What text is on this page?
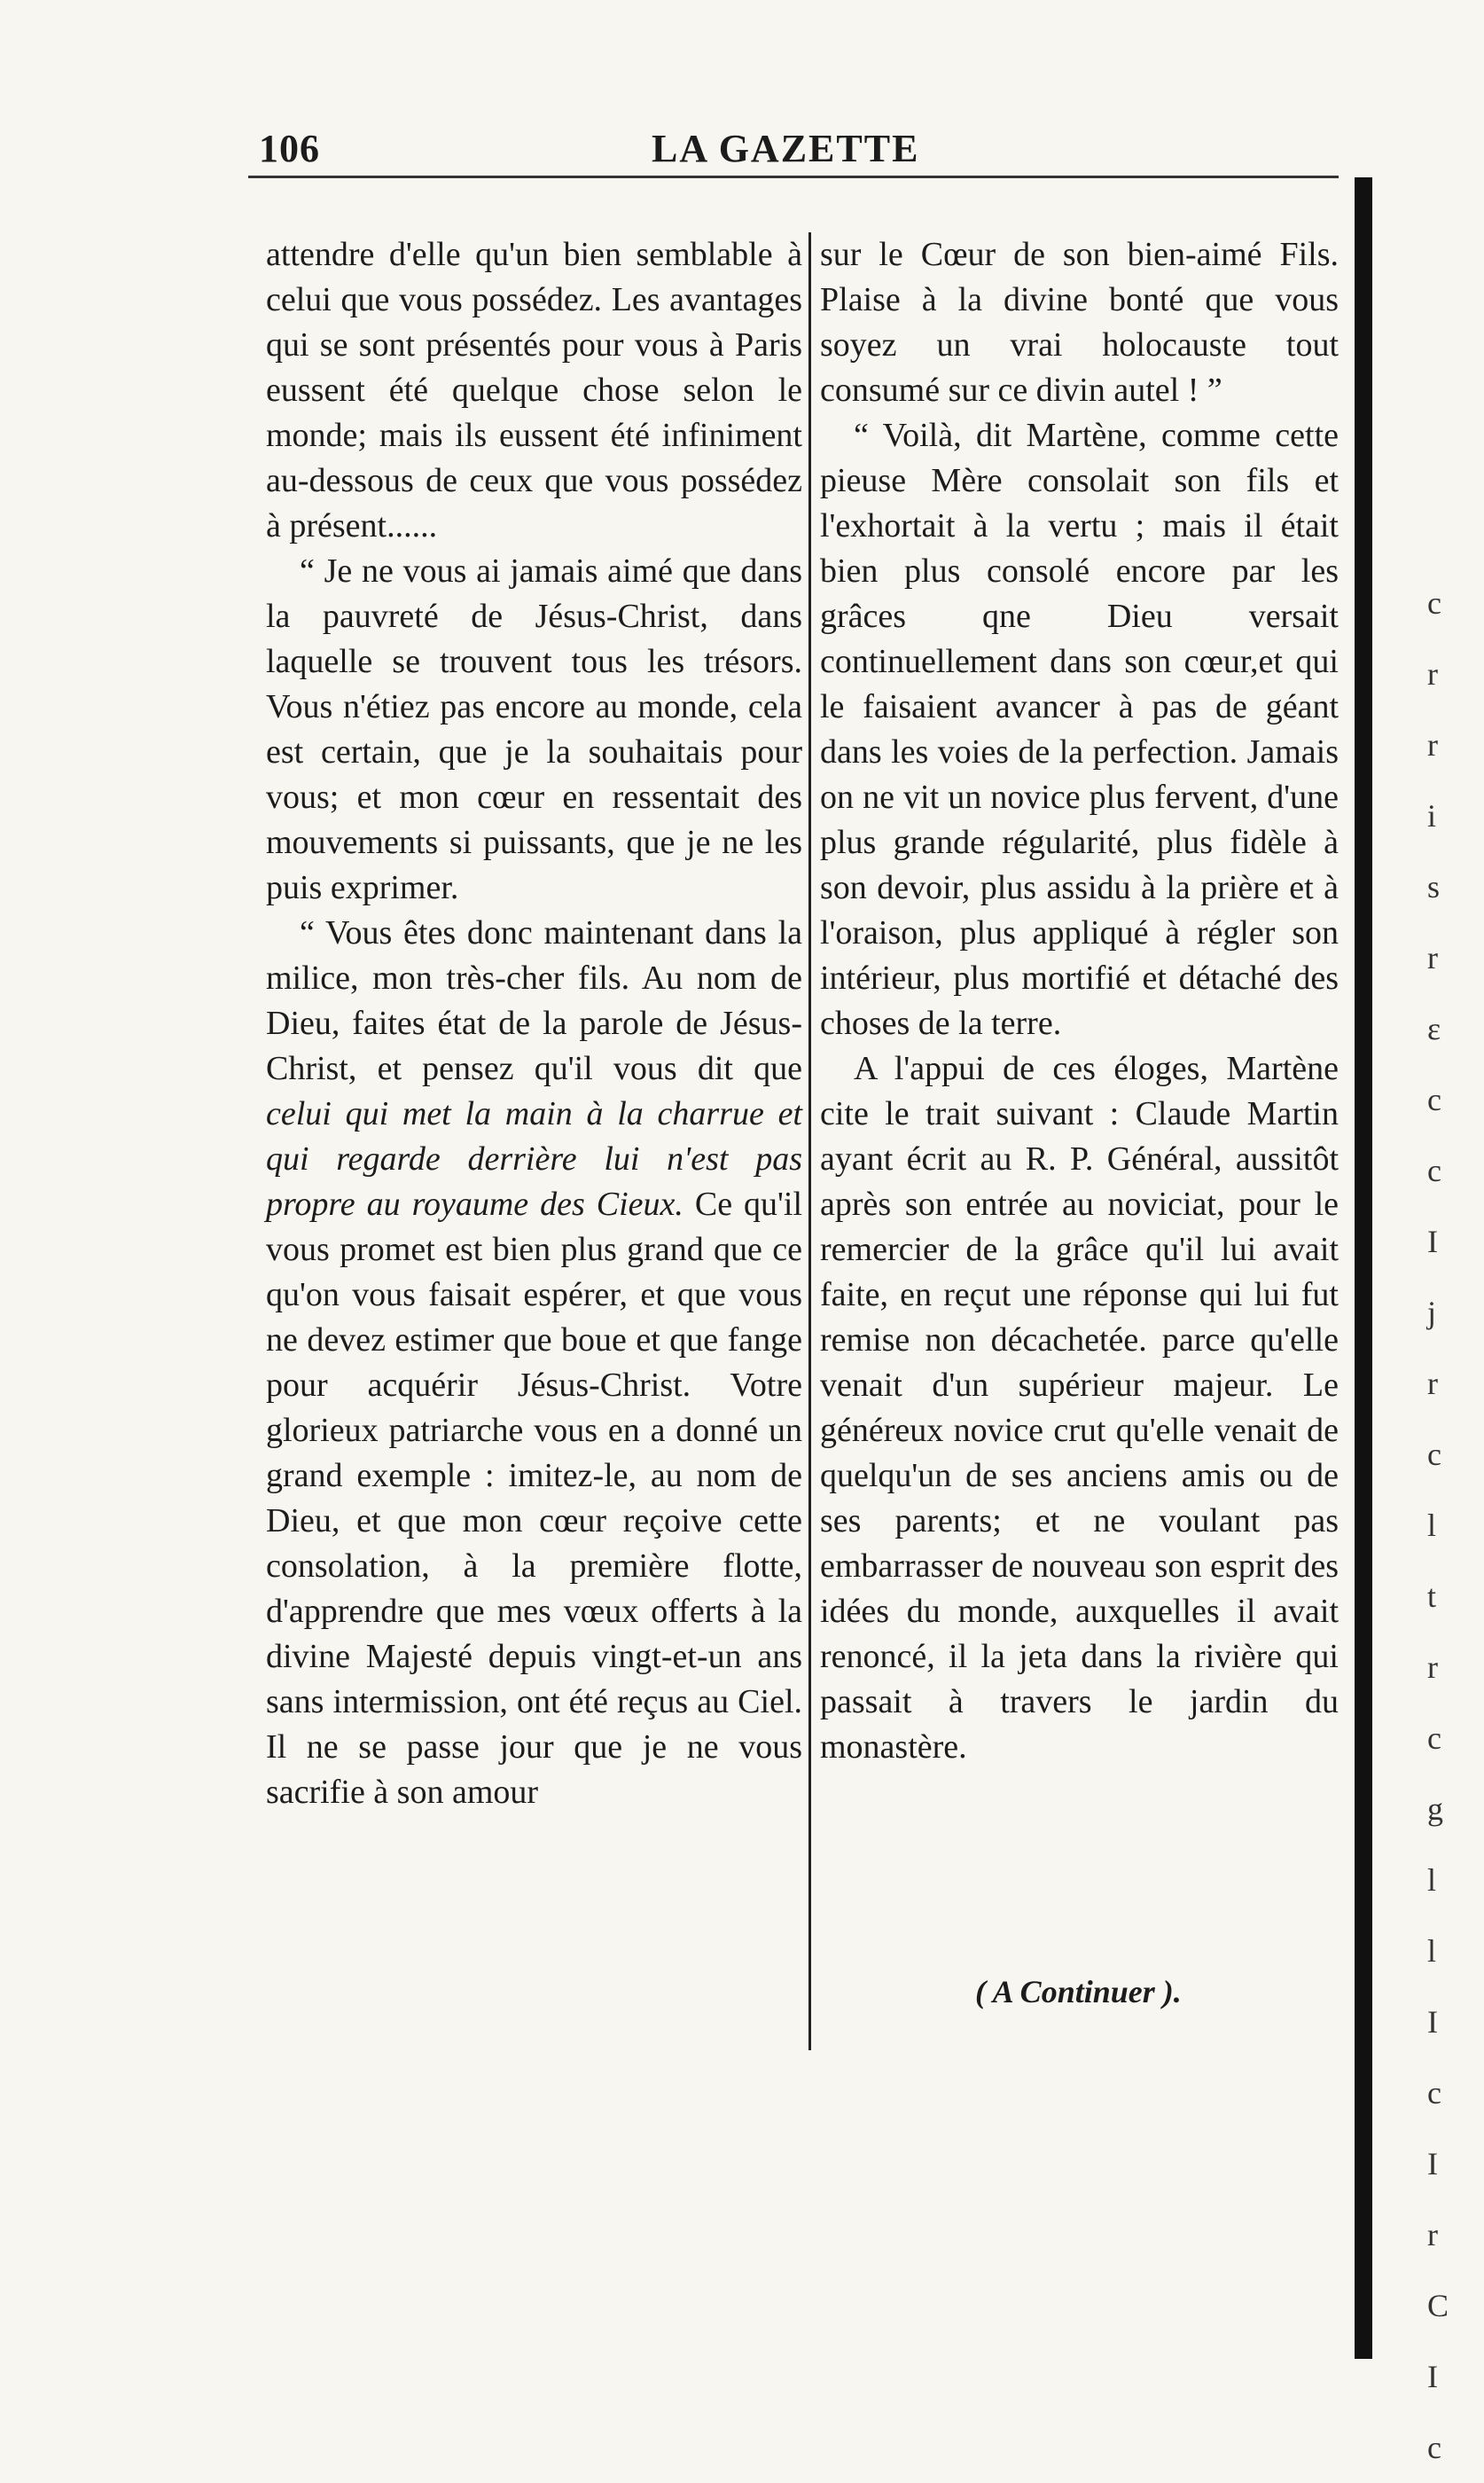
106	LA GAZETTE

attendre d'elle qu'un bien semblable à celui que vous possédez. Les avantages qui se sont présentés pour vous à Paris eussent été quelque chose selon le monde; mais ils eussent été infiniment au-dessous de ceux que vous possédez à présent......

“ Je ne vous ai jamais aimé que dans la pauvreté de Jésus-Christ, dans laquelle se trouvent tous les trésors. Vous n'étiez pas encore au monde, cela est certain, que je la souhaitais pour vous; et mon cœur en ressentait des mouvements si puissants, que je ne les puis exprimer.

“ Vous êtes donc maintenant dans la milice, mon très-cher fils. Au nom de Dieu, faites état de la parole de Jésus-Christ, et pensez qu'il vous dit que celui qui met la main à la charrue et qui regarde derrière lui n'est pas propre au royaume des Cieux. Ce qu'il vous promet est bien plus grand que ce qu'on vous faisait espérer, et que vous ne devez estimer que boue et que fange pour acquérir Jésus-Christ. Votre glorieux patriarche vous en a donné un grand exemple : imitez-le, au nom de Dieu, et que mon cœur reçoive cette consolation, à la première flotte, d'apprendre que mes vœux offerts à la divine Majesté depuis vingt-et-un ans sans intermission, ont été reçus au Ciel. Il ne se passe jour que je ne vous sacrifie à son amour

sur le Cœur de son bien-aimé Fils. Plaise à la divine bonté que vous soyez un vrai holocauste tout consumé sur ce divin autel ! ”

“ Voilà, dit Martène, comme cette pieuse Mère consolait son fils et l'exhortait à la vertu ; mais il était bien plus consolé encore par les grâces qne Dieu versait continuellement dans son cœur,et qui le faisaient avancer à pas de géant dans les voies de la perfection. Jamais on ne vit un novice plus fervent, d'une plus grande régularité, plus fidèle à son devoir, plus assidu à la prière et à l'oraison, plus appliqué à régler son intérieur, plus mortifié et détaché des choses de la terre.

A l'appui de ces éloges, Martène cite le trait suivant : Claude Martin ayant écrit au R. P. Général, aussitôt après son entrée au noviciat, pour le remercier de la grâce qu'il lui avait faite, en reçut une réponse qui lui fut remise non décachetée. parce qu'elle venait d'un supérieur majeur. Le généreux novice crut qu'elle venait de quelqu'un de ses anciens amis ou de ses parents; et ne voulant pas embarrasser de nouveau son esprit des idées du monde, auxquelles il avait renoncé, il la jeta dans la rivière qui passait à travers le jardin du monastère.

( A Continuer ).
c
r
r
i
s
r
ε
c
c
I
j
r
c
l
t
r
c
g
l
l
I
c
I
r
C
I
c
